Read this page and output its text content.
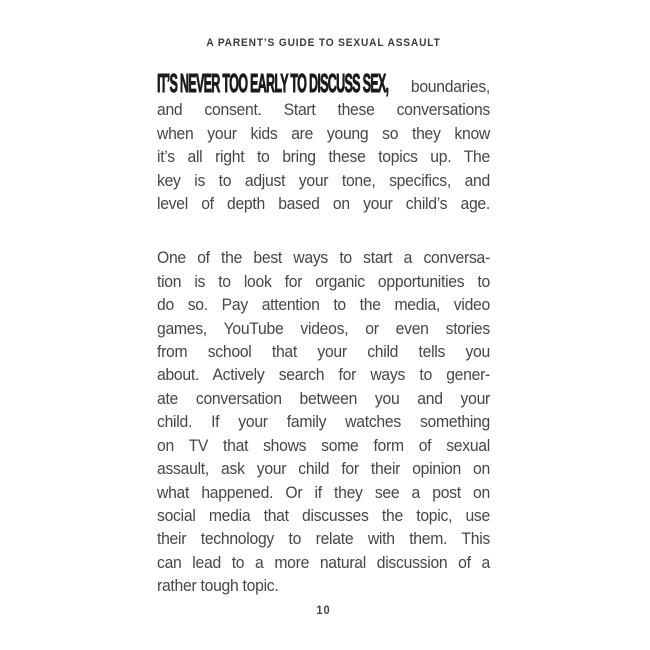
A PARENT’S GUIDE TO SEXUAL ASSAULT
IT’S NEVER TOO EARLY TO DISCUSS SEX, boundaries,
and consent. Start these conversations
when your kids are young so they know
it’s all right to bring these topics up. The
key is to adjust your tone, specifics, and
level of depth based on your child’s age.
One of the best ways to start a conversa-
tion is to look for organic opportunities to
do so. Pay attention to the media, video
games, YouTube videos, or even stories
from school that your child tells you
about. Actively search for ways to gener-
ate conversation between you and your
child. If your family watches something
on TV that shows some form of sexual
assault, ask your child for their opinion on
what happened. Or if they see a post on
social media that discusses the topic, use
their technology to relate with them. This
can lead to a more natural discussion of a
rather tough topic.
10
